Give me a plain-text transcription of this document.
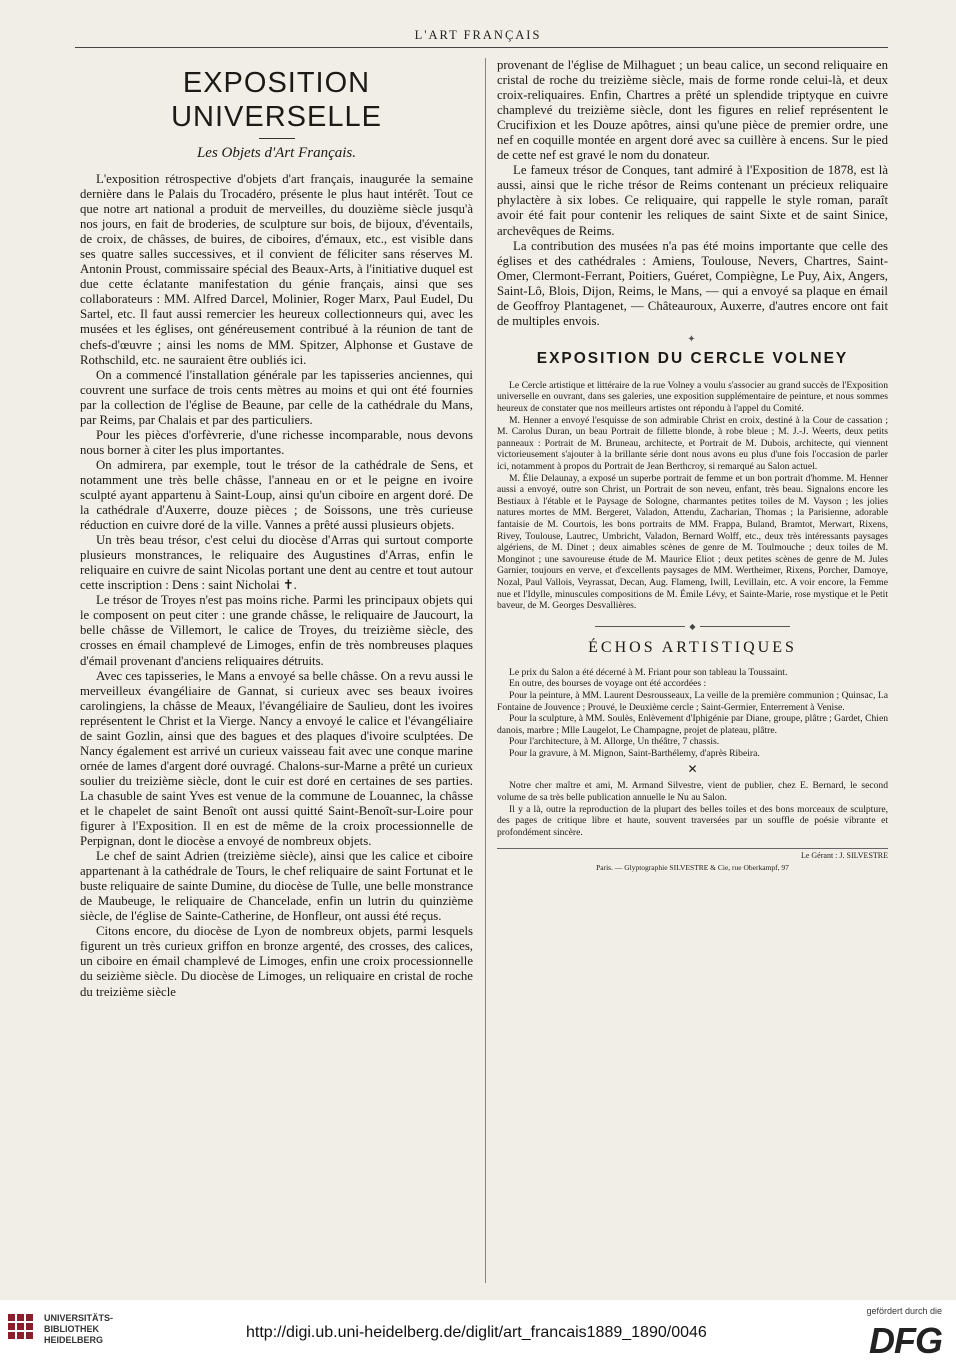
L'ART FRANÇAIS
EXPOSITION UNIVERSELLE
Les Objets d'Art Français.

L'exposition rétrospective d'objets d'art français, inaugurée la semaine dernière dans le Palais du Trocadéro, présente le plus haut intérêt. Tout ce que notre art national a produit de merveilles, du douzième siècle jusqu'à nos jours, en fait de broderies, de sculpture sur bois, de bijoux, d'éventails, de croix, de châsses, de buires, de ciboires, d'émaux, etc., est visible dans ses quatre salles successives, et il convient de féliciter sans réserves M. Antonin Proust, commissaire spécial des Beaux-Arts, à l'initiative duquel est due cette éclatante manifestation du génie français, ainsi que ses collaborateurs : MM. Alfred Darcel, Molinier, Roger Marx, Paul Eudel, Du Sartel, etc. Il faut aussi remercier les heureux collectionneurs qui, avec les musées et les églises, ont généreusement contribué à la réunion de tant de chefs-d'œuvre ; ainsi les noms de MM. Spitzer, Alphonse et Gustave de Rothschild, etc. ne sauraient être oubliés ici.

On a commencé l'installation générale par les tapisseries anciennes, qui couvrent une surface de trois cents mètres au moins et qui ont été fournies par la collection de l'église de Beaune, par celle de la cathédrale du Mans, par Reims, par Chalais et par des particuliers.

Pour les pièces d'orfèvrerie, d'une richesse incomparable, nous devons nous borner à citer les plus importantes.

On admirera, par exemple, tout le trésor de la cathédrale de Sens, et notamment une très belle châsse, l'anneau en or et le peigne en ivoire sculpté ayant appartenu à Saint-Loup, ainsi qu'un ciboire en argent doré. De la cathédrale d'Auxerre, douze pièces ; de Soissons, une très curieuse réduction en cuivre doré de la ville. Vannes a prêté aussi plusieurs objets.

Un très beau trésor, c'est celui du diocèse d'Arras qui surtout comporte plusieurs monstrances, le reliquaire des Augustines d'Arras, enfin le reliquaire en cuivre de saint Nicolas portant une dent au centre et tout autour cette inscription : Dens : saint Nicholai ✝.

Le trésor de Troyes n'est pas moins riche. Parmi les principaux objets qui le composent on peut citer : une grande châsse, le reliquaire de Jaucourt, la belle châsse de Villemort, le calice de Troyes, du treizième siècle, des crosses en émail champlevé de Limoges, enfin de très nombreuses plaques d'émail provenant d'anciens reliquaires détruits.

Avec ces tapisseries, le Mans a envoyé sa belle châsse. On a revu aussi le merveilleux évangéliaire de Gannat, si curieux avec ses beaux ivoires carolingiens, la châsse de Meaux, l'évangéliaire de Saulieu, dont les ivoires représentent le Christ et la Vierge. Nancy a envoyé le calice et l'évangéliaire de saint Gozlin, ainsi que des bagues et des plaques d'ivoire sculptées. De Nancy également est arrivé un curieux vaisseau fait avec une conque marine ornée de lames d'argent doré ouvragé. Chalons-sur-Marne a prêté un curieux soulier du treizième siècle, dont le cuir est doré en certaines de ses parties. La chasuble de saint Yves est venue de la commune de Louannec, la châsse et le chapelet de saint Benoît ont aussi quitté Saint-Benoît-sur-Loire pour figurer à l'Exposition. Il en est de même de la croix processionnelle de Perpignan, dont le diocèse a envoyé de nombreux objets.

Le chef de saint Adrien (treizième siècle), ainsi que les calice et ciboire appartenant à la cathédrale de Tours, le chef reliquaire de saint Fortunat et le buste reliquaire de sainte Dumine, du diocèse de Tulle, une belle monstrance de Maubeuge, le reliquaire de Chancelade, enfin un lutrin du quinzième siècle, de l'église de Sainte-Catherine, de Honfleur, ont aussi été reçus.

Citons encore, du diocèse de Lyon de nombreux objets, parmi lesquels figurent un très curieux griffon en bronze argenté, des crosses, des calices, un ciboire en émail champlevé de Limoges, enfin une croix processionnelle du seizième siècle. Du diocèse de Limoges, un reliquaire en cristal de roche du treizième siècle

provenant de l'église de Milhaguet ; un beau calice, un second reliquaire en cristal de roche du treizième siècle, mais de forme ronde celui-là, et deux croix-reliquaires. Enfin, Chartres a prêté un splendide triptyque en cuivre champlevé du treizième siècle, dont les figures en relief représentent le Crucifixion et les Douze apôtres, ainsi qu'une pièce de premier ordre, une nef en coquille montée en argent doré avec sa cuillère à encens. Sur le pied de cette nef est gravé le nom du donateur.

Le fameux trésor de Conques, tant admiré à l'Exposition de 1878, est là aussi, ainsi que le riche trésor de Reims contenant un précieux reliquaire phylactère à six lobes. Ce reliquaire, qui rappelle le style roman, paraît avoir été fait pour contenir les reliques de saint Sixte et de saint Sinice, archevêques de Reims.

La contribution des musées n'a pas été moins importante que celle des églises et des cathédrales : Amiens, Toulouse, Nevers, Chartres, Saint-Omer, Clermont-Ferrant, Poitiers, Guéret, Compiègne, Le Puy, Aix, Angers, Saint-Lô, Blois, Dijon, Reims, le Mans, — qui a envoyé sa plaque en émail de Geoffroy Plantagenet, — Châteauroux, Auxerre, d'autres encore ont fait de multiples envois.

✦
EXPOSITION DU CERCLE VOLNEY

Le Cercle artistique et littéraire de la rue Volney a voulu s'associer au grand succès de l'Exposition universelle en ouvrant, dans ses galeries, une exposition supplémentaire de peinture, et nous sommes heureux de constater que nos meilleurs artistes ont répondu à l'appel du Comité.

M. Henner a envoyé l'esquisse de son admirable Christ en croix, destiné à la Cour de cassation ; M. Carolus Duran, un beau Portrait de fillette blonde, à robe bleue ; M. J.-J. Weerts, deux petits panneaux : Portrait de M. Bruneau, architecte, et Portrait de M. Dubois, architecte, qui viennent victorieusement s'ajouter à la brillante série dont nous avons eu plus d'une fois l'occasion de parler ici, notamment à propos du Portrait de Jean Berthcroy, si remarqué au Salon actuel.

M. Élie Delaunay, a exposé un superbe portrait de femme et un bon portrait d'homme. M. Henner aussi a envoyé, outre son Christ, un Portrait de son neveu, enfant, très beau. Signalons encore les Bestiaux à l'étable et le Paysage de Sologne, charmantes petites toiles de M. Vayson ; les jolies natures mortes de MM. Bergeret, Valadon, Attendu, Zacharian, Thomas ; la Parisienne, adorable fantaisie de M. Courtois, les bons portraits de MM. Frappa, Buland, Bramtot, Merwart, Rixens, Rivey, Toulouse, Lautrec, Umbricht, Valadon, Bernard Wolff, etc., deux très intéressants paysages algériens, de M. Dinet ; deux aimables scènes de genre de M. Toulmouche ; deux toiles de M. Monginot ; une savoureuse étude de M. Maurice Eliot ; deux petites scènes de genre de M. Jules Garnier, toujours en verve, et d'excellents paysages de MM. Wertheimer, Rixens, Porcher, Damoye, Nozal, Paul Vallois, Veyrassat, Decan, Aug. Flameng, Iwill, Levillain, etc. A voir encore, la Femme nue et l'Idylle, minuscules compositions de M. Émile Lévy, et Sainte-Marie, rose mystique et le Petit baveur, de M. Georges Desvallières.

◆
ÉCHOS ARTISTIQUES

Le prix du Salon a été décerné à M. Friant pour son tableau la Toussaint.

En outre, des bourses de voyage ont été accordées :

Pour la peinture, à MM. Laurent Desrousseaux, La veille de la première communion ; Quinsac, La Fontaine de Jouvence ; Prouvé, le Deuxième cercle ; Saint-Germier, Enterrement à Venise.

Pour la sculpture, à MM. Soulès, Enlèvement d'Iphigénie par Diane, groupe, plâtre ; Gardet, Chien danois, marbre ; Mlle Laugelot, Le Champagne, projet de plateau, plâtre.

Pour l'architecture, à M. Allorge, Un théâtre, 7 chassis.

Pour la gravure, à M. Mignon, Saint-Barthélemy, d'après Ribeira.

✕

Notre cher maître et ami, M. Armand Silvestre, vient de publier, chez E. Bernard, le second volume de sa très belle publication annuelle le Nu au Salon.

Il y a là, outre la reproduction de la plupart des belles toiles et des bons morceaux de sculpture, des pages de critique libre et haute, souvent traversées par un souffle de poésie vibrante et profondément sincère.

Le Gérant : J. SILVESTRE
Paris. — Glyptographie SILVESTRE & Cie, rue Oberkampf, 97
UNIVERSITÄTS-
BIBLIOTHEK
HEIDELBERG	http://digi.ub.uni-heidelberg.de/diglit/art_francais1889_1890/0046
gefördert durch die
DFG
